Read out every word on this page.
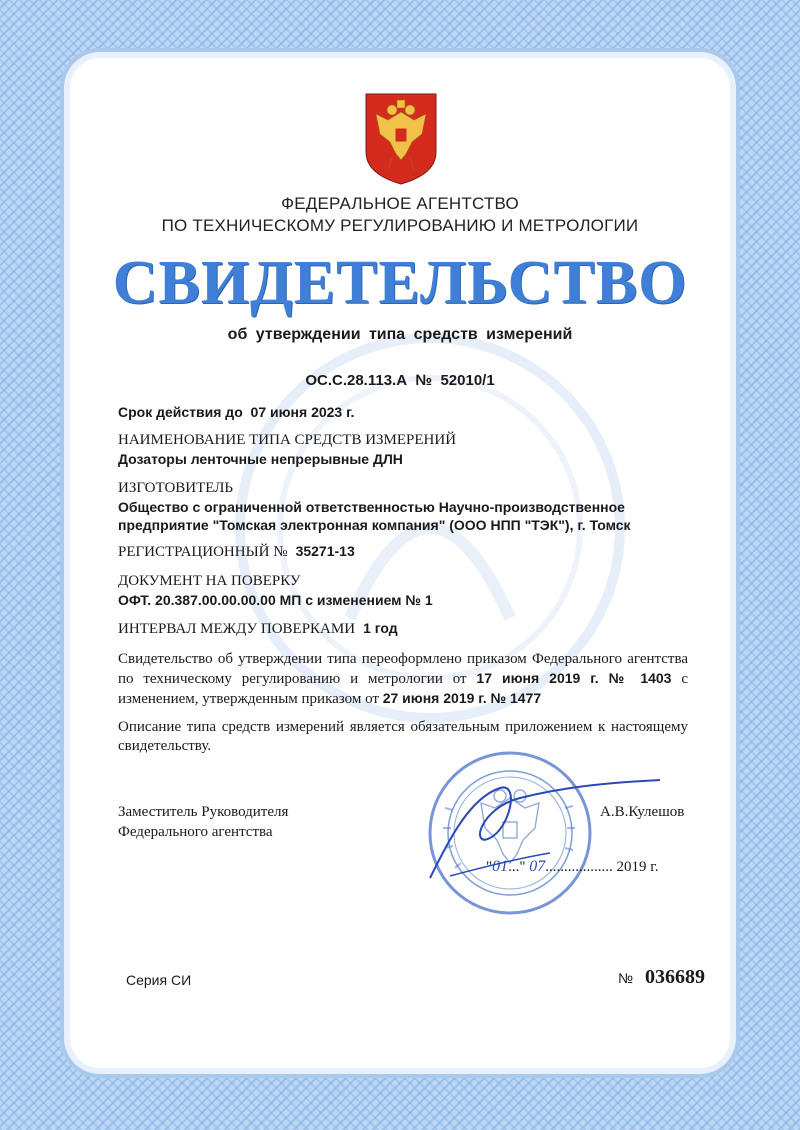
ФЕДЕРАЛЬНОЕ АГЕНТСТВО
ПО ТЕХНИЧЕСКОМУ РЕГУЛИРОВАНИЮ И МЕТРОЛОГИИ
СВИДЕТЕЛЬСТВО
об утверждении типа средств измерений
ОС.С.28.113.А № 52010/1
Срок действия до 07 июня 2023 г.
НАИМЕНОВАНИЕ ТИПА СРЕДСТВ ИЗМЕРЕНИЙ
Дозаторы ленточные непрерывные ДЛН
ИЗГОТОВИТЕЛЬ
Общество с ограниченной ответственностью Научно-производственное
предприятие "Томская электронная компания" (ООО НПП "ТЭК"), г. Томск
РЕГИСТРАЦИОННЫЙ № 35271-13
ДОКУМЕНТ НА ПОВЕРКУ
ОФТ. 20.387.00.00.00.00 МП с изменением № 1
ИНТЕРВАЛ МЕЖДУ ПОВЕРКАМИ 1 год
Свидетельство об утверждении типа переоформлено приказом Федерального агентства по техническому регулированию и метрологии от 17 июня 2019 г. № 1403 с изменением, утвержденным приказом от 27 июня 2019 г. № 1477
Описание типа средств измерений является обязательным приложением к настоящему свидетельству.
Заместитель Руководителя
Федерального агентства
А.В.Кулешов
"01..." 07.................. 2019 г.
Серия СИ	№ 036689
